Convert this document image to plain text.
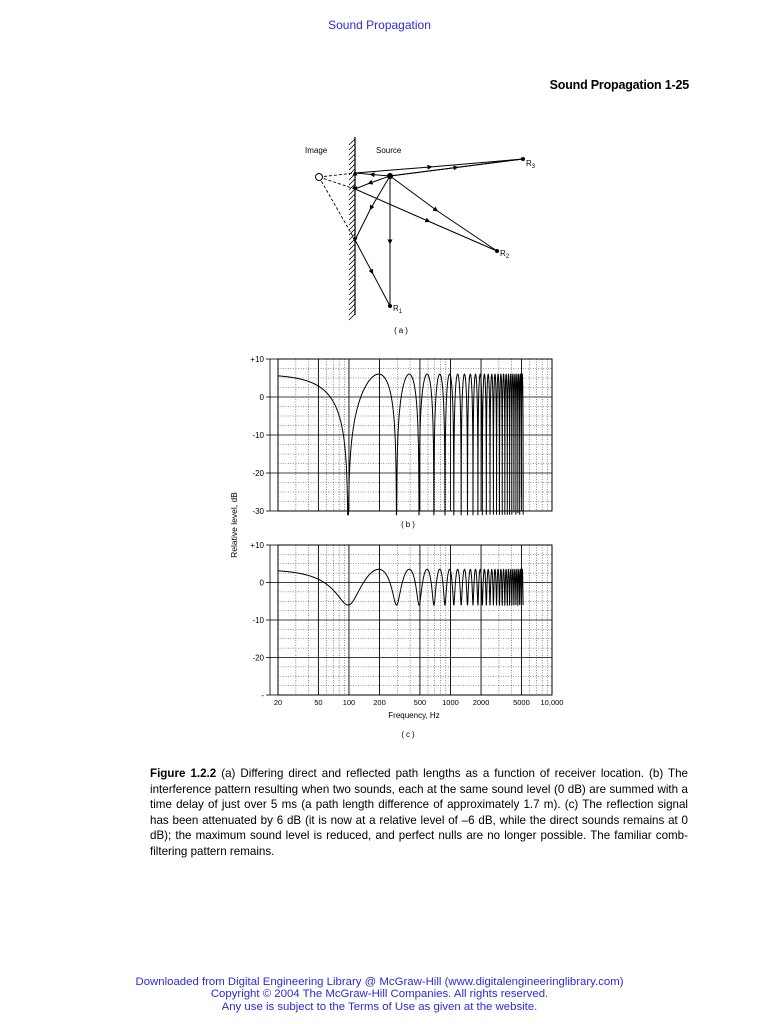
Sound Propagation
Sound Propagation 1-25
Image	Source
$R_3$
$R_2$
$R_1$
(a)
+10
0
-10
-20
-30
+10
0
-10
-20
-
20	50	100 200	500 1000 2000	5000 10,000
Relative level, dB
Frequency, Hz
(b)
(c)
Figure 1.2.2 (a) Differing direct and reflected path lengths as a function of receiver location. (b) The interference pattern resulting when two sounds, each at the same sound level (0 dB) are summed with a time delay of just over 5 ms (a path length difference of approximately 1.7 m). (c) The reflection signal has been attenuated by 6 dB (it is now at a relative level of –6 dB, while the direct sounds remains at 0 dB); the maximum sound level is reduced, and perfect nulls are no longer possible. The familiar comb-filtering pattern remains.
Downloaded from Digital Engineering Library @ McGraw-Hill (www.digitalengineeringlibrary.com)
Copyright © 2004 The McGraw-Hill Companies. All rights reserved.
Any use is subject to the Terms of Use as given at the website.
